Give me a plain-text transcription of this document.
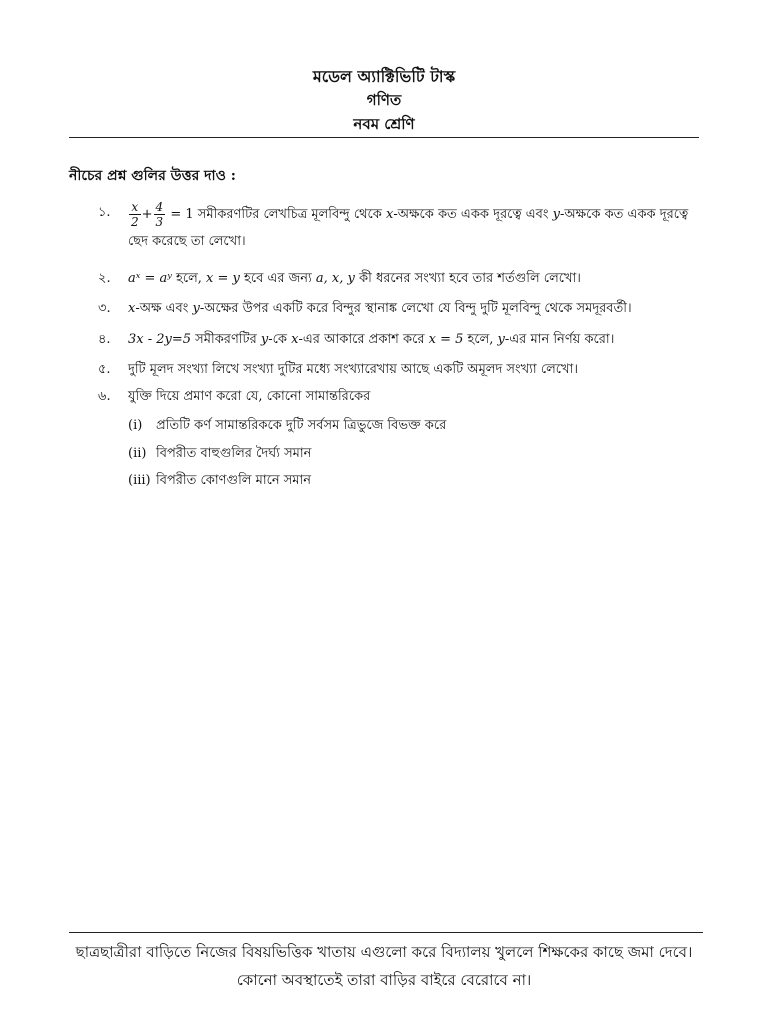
মডেল অ্যাক্টিভিটি টাস্ক
গণিত
নবম শ্রেণি
নীচের প্রশ্ন গুলির উত্তর দাও :
১.	$\frac{x}{2} + \frac{4}{3} = 1$ সমীকরণটির লেখচিত্র মূলবিন্দু থেকে x-অক্ষকে কত একক দূরত্বে এবং y-অক্ষকে কত একক দূরত্বে ছেদ করেছে তা লেখো।
২.	aˣ = aʸ হলে, x = y হবে এর জন্য a, x, y কী ধরনের সংখ্যা হবে তার শর্তগুলি লেখো।
৩.	x-অক্ষ এবং y-অক্ষের উপর একটি করে বিন্দুর স্থানাঙ্ক লেখো যে বিন্দু দুটি মূলবিন্দু থেকে সমদূরবর্তী।
৪.	3x - 2y=5 সমীকরণটির y-কে x-এর আকারে প্রকাশ করে x = 5 হলে, y-এর মান নির্ণয় করো।
৫.	দুটি মূলদ সংখ্যা লিখে সংখ্যা দুটির মধ্যে সংখ্যারেখায় আছে একটি অমূলদ সংখ্যা লেখো।
৬.	যুক্তি দিয়ে প্রমাণ করো যে, কোনো সামান্তরিকের
(i) প্রতিটি কর্ণ সামান্তরিককে দুটি সর্বসম ত্রিভুজে বিভক্ত করে
(ii) বিপরীত বাহুগুলির দৈর্ঘ্য সমান
(iii) বিপরীত কোণগুলি মানে সমান
ছাত্রছাত্রীরা বাড়িতে নিজের বিষয়ভিত্তিক খাতায় এগুলো করে বিদ্যালয় খুললে শিক্ষকের কাছে জমা দেবে।
কোনো অবস্থাতেই তারা বাড়ির বাইরে বেরোবে না।
